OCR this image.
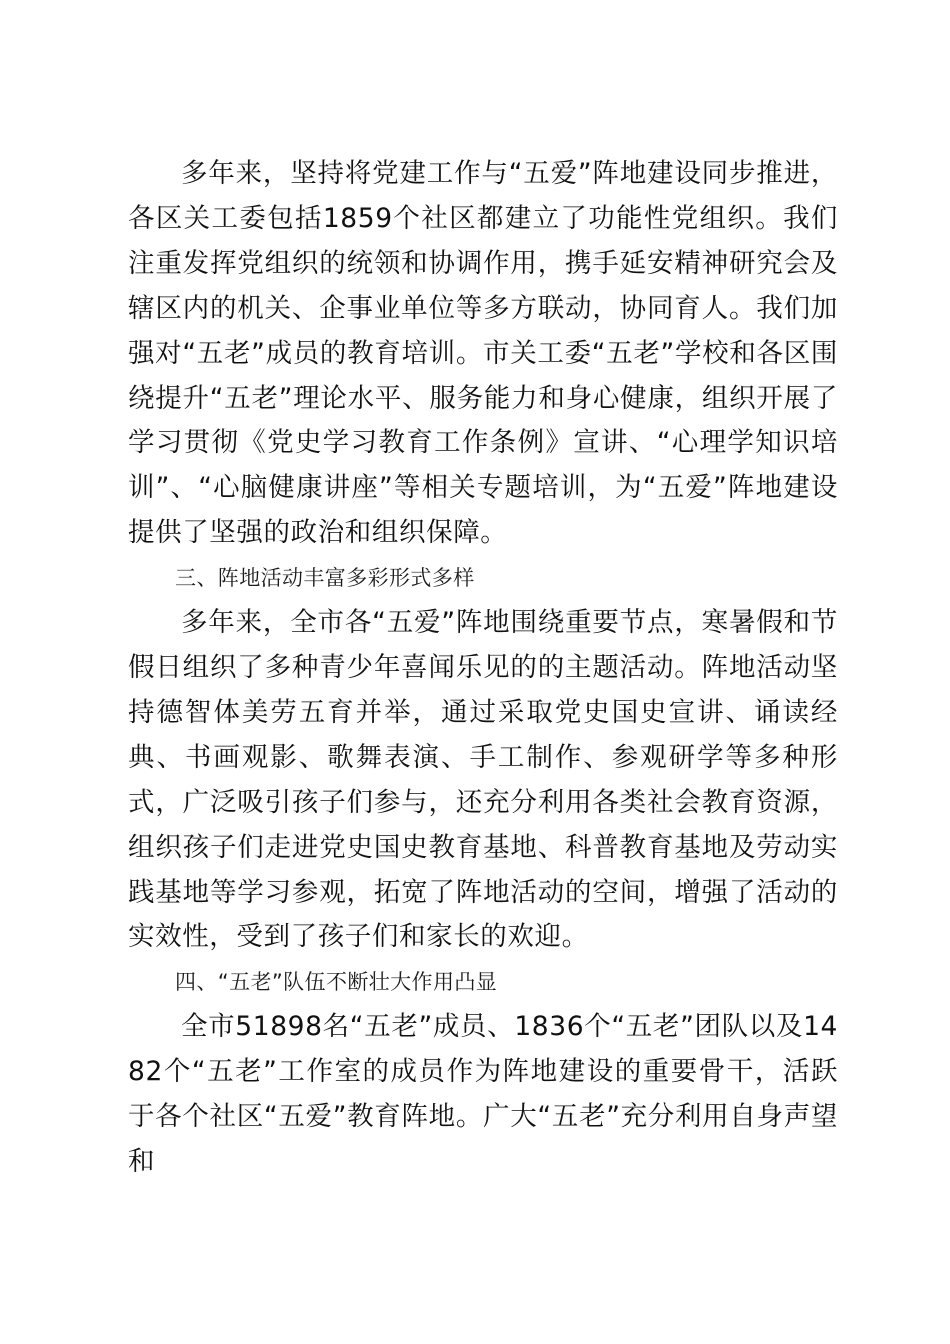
多年来，坚持将党建工作与“五爱”阵地建设同步推进，各区关工委包括1859个社区都建立了功能性党组织。我们注重发挥党组织的统领和协调作用，携手延安精神研究会及辖区内的机关、企事业单位等多方联动，协同育人。我们加强对“五老”成员的教育培训。市关工委“五老”学校和各区围绕提升“五老”理论水平、服务能力和身心健康，组织开展了学习贯彻《党史学习教育工作条例》宣讲、“心理学知识培训”、“心脑健康讲座”等相关专题培训，为“五爱”阵地建设提供了坚强的政治和组织保障。

三、阵地活动丰富多彩形式多样

多年来，全市各“五爱”阵地围绕重要节点，寒暑假和节假日组织了多种青少年喜闻乐见的的主题活动。阵地活动坚持德智体美劳五育并举，通过采取党史国史宣讲、诵读经典、书画观影、歌舞表演、手工制作、参观研学等多种形式，广泛吸引孩子们参与，还充分利用各类社会教育资源，组织孩子们走进党史国史教育基地、科普教育基地及劳动实践基地等学习参观，拓宽了阵地活动的空间，增强了活动的实效性，受到了孩子们和家长的欢迎。

四、“五老”队伍不断壮大作用凸显

全市51898名“五老”成员、1836个“五老”团队以及1482个“五老”工作室的成员作为阵地建设的重要骨干，活跃于各个社区“五爱”教育阵地。广大“五老”充分利用自身声望和
